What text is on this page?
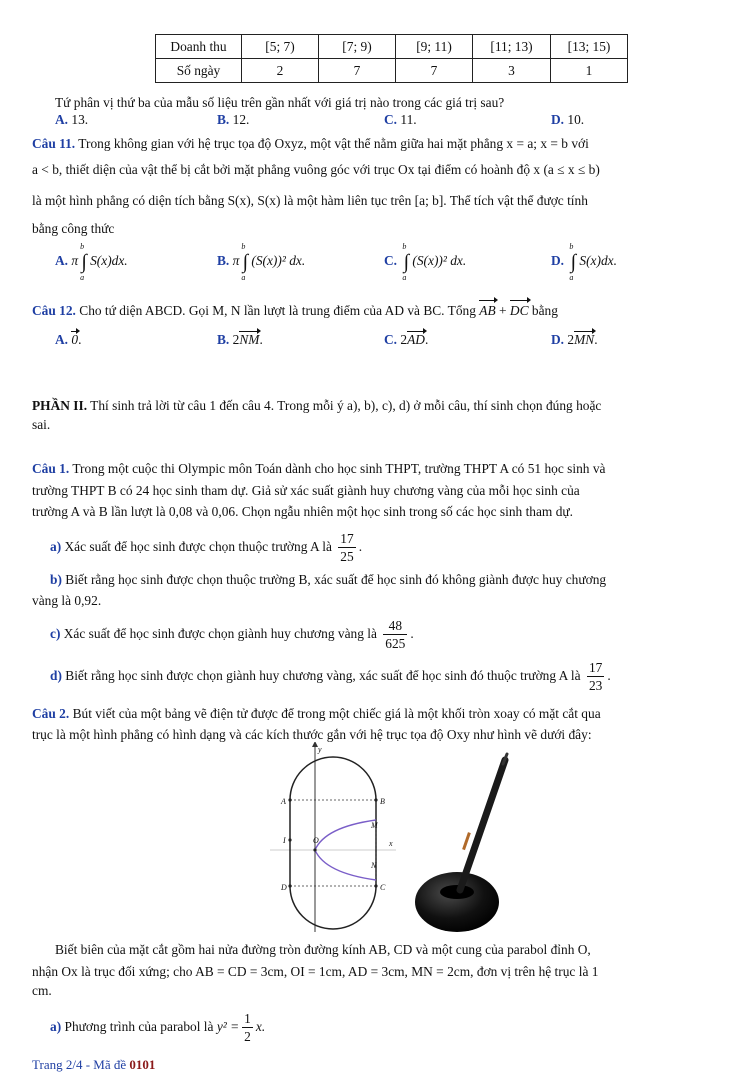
Doanh thu	[5; 7)	[7; 9)	[9; 11)	[11; 13)	[13; 15)
Số ngày	2	7	7	3	1
Tứ phân vị thứ ba của mẫu số liệu trên gần nhất với giá trị nào trong các giá trị sau?
A. 13.	B. 12.	C. 11.	D. 10.
Câu 11. Trong không gian với hệ trục tọa độ Oxyz, một vật thể nằm giữa hai mặt phẳng x = a; x = b với
a < b, thiết diện của vật thể bị cắt bởi mặt phẳng vuông góc với trục Ox tại điểm có hoành độ x (a ≤ x ≤ b)
là một hình phẳng có diện tích bằng S(x), S(x) là một hàm liên tục trên [a; b]. Thể tích vật thể được tính
bằng công thức
A. π
b
∫
a
S(x)dx.	B. π
b
∫
a
(S(x))² dx.	C.
b
∫
a
(S(x))² dx.	D.
b
∫
a
S(x)dx.
Câu 12. Cho tứ diện ABCD. Gọi M, N lần lượt là trung điểm của AD và BC. Tổng AB + DC bằng
A. 0.	B. 2NM.	C. 2AD.	D. 2MN.
PHẦN II. Thí sinh trả lời từ câu 1 đến câu 4. Trong mỗi ý a), b), c), d) ở mỗi câu, thí sinh chọn đúng hoặc
sai.
Câu 1. Trong một cuộc thi Olympic môn Toán dành cho học sinh THPT, trường THPT A có 51 học sinh và
trường THPT B có 24 học sinh tham dự. Giả sử xác suất giành huy chương vàng của mỗi học sinh của
trường A và B lần lượt là 0,08 và 0,06. Chọn ngẫu nhiên một học sinh trong số các học sinh tham dự.
a) Xác suất để học sinh được chọn thuộc trường A là $\frac{17}{25}$ .
b) Biết rằng học sinh được chọn thuộc trường B, xác suất để học sinh đó không giành được huy chương
vàng là 0,92.
c) Xác suất để học sinh được chọn giành huy chương vàng là $\frac{48}{625}$ .
d) Biết rằng học sinh được chọn giành huy chương vàng, xác suất để học sinh đó thuộc trường A là $\frac{17}{23}$ .
Câu 2. Bút viết của một bảng vẽ điện tử được để trong một chiếc giá là một khối tròn xoay có mặt cắt qua
trục là một hình phẳng có hình dạng và các kích thước gắn với hệ trục tọa độ Oxy như hình vẽ dưới đây:
y
x
A	B
M
I	O
N
D	C
Biết biên của mặt cắt gồm hai nửa đường tròn đường kính AB, CD và một cung của parabol đỉnh O,
nhận Ox là trục đối xứng; cho AB = CD = 3cm, OI = 1cm, AD = 3cm, MN = 2cm, đơn vị trên hệ trục là 1
cm.
a) Phương trình của parabol là $y^2 = \frac{1}{2} x$.
Trang 2/4 - Mã đề 0101
